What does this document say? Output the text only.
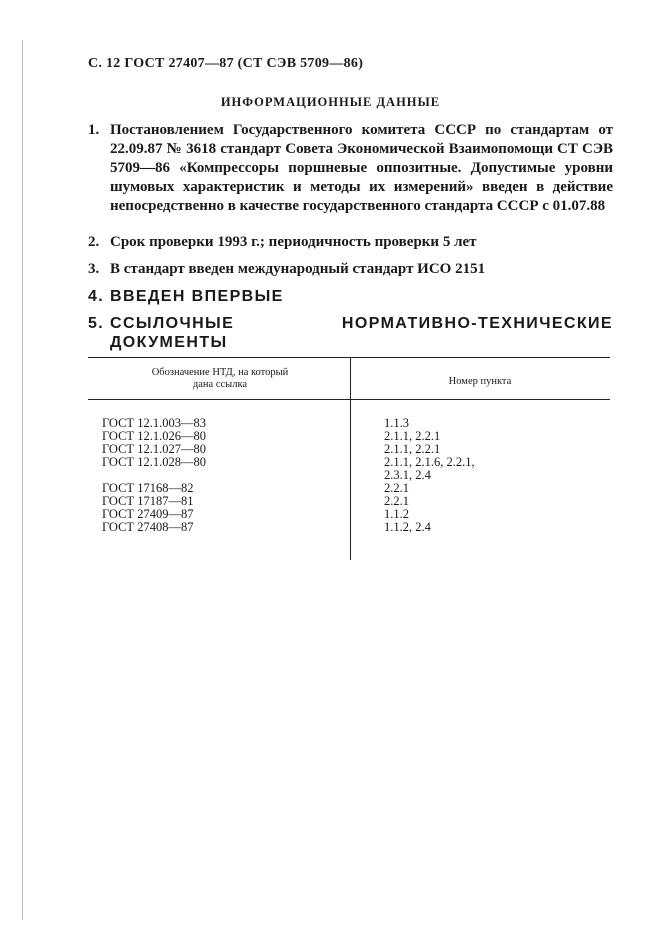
С. 12 ГОСТ 27407—87 (СТ СЭВ 5709—86)
ИНФОРМАЦИОННЫЕ ДАННЫЕ
1. Постановлением Государственного комитета СССР по стандартам от 22.09.87 № 3618 стандарт Совета Экономической Взаимопомощи СТ СЭВ 5709—86 «Компрессоры поршневые оппозитные. Допустимые уровни шумовых характеристик и методы их измерений» введен в действие непосредственно в качестве государственного стандарта СССР с 01.07.88
2. Срок проверки 1993 г.; периодичность проверки 5 лет
3. В стандарт введен международный стандарт ИСО 2151
4. ВВЕДЕН ВПЕРВЫЕ
5. ССЫЛОЧНЫЕ НОРМАТИВНО-ТЕХНИЧЕСКИЕ ДОКУМЕНТЫ
Обозначение НТД, на который
дана ссылка	Номер пункта
ГОСТ 12.1.003—83
ГОСТ 12.1.026—80
ГОСТ 12.1.027—80
ГОСТ 12.1.028—80
ГОСТ 17168—82
ГОСТ 17187—81
ГОСТ 27409—87
ГОСТ 27408—87
1.1.3
2.1.1, 2.2.1
2.1.1, 2.2.1
2.1.1, 2.1.6, 2.2.1,
2.3.1, 2.4
2.2.1
2.2.1
1.1.2
1.1.2, 2.4
